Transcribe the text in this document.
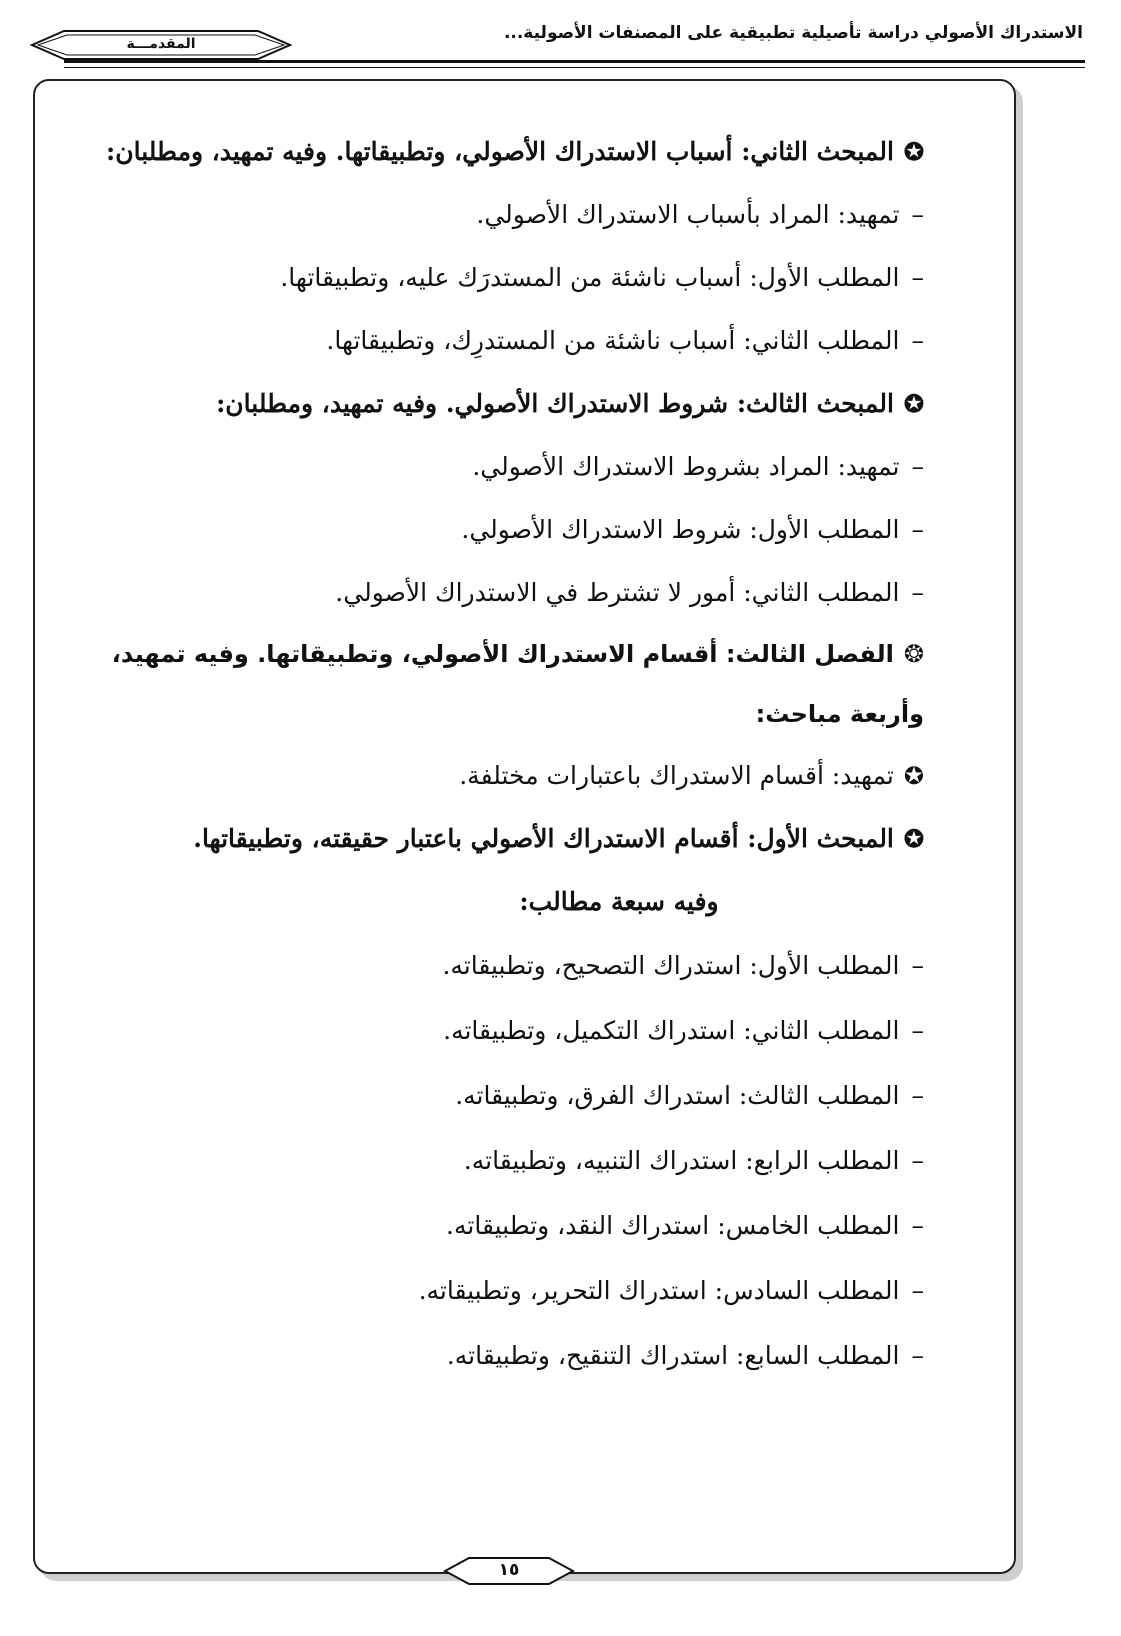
الاستدراك الأصولي دراسة تأصيلية تطبيقية على المصنفات الأصولية...
المقدمـــة
✪المبحث الثاني: أسباب الاستدراك الأصولي، وتطبيقاتها. وفيه تمهيد، ومطلبان:
–تمهيد: المراد بأسباب الاستدراك الأصولي.
–المطلب الأول: أسباب ناشئة من المستدرَك عليه، وتطبيقاتها.
–المطلب الثاني: أسباب ناشئة من المستدرِك، وتطبيقاتها.
✪المبحث الثالث: شروط الاستدراك الأصولي. وفيه تمهيد، ومطلبان:
–تمهيد: المراد بشروط الاستدراك الأصولي.
–المطلب الأول: شروط الاستدراك الأصولي.
–المطلب الثاني: أمور لا تشترط في الاستدراك الأصولي.
❂الفصل الثالث: أقسام الاستدراك الأصولي، وتطبيقاتها. وفيه تمهيد،
وأربعة مباحث:
✪تمهيد: أقسام الاستدراك باعتبارات مختلفة.
✪المبحث الأول: أقسام الاستدراك الأصولي باعتبار حقيقته، وتطبيقاتها.
وفيه سبعة مطالب:
–المطلب الأول: استدراك التصحيح، وتطبيقاته.
–المطلب الثاني: استدراك التكميل، وتطبيقاته.
–المطلب الثالث: استدراك الفرق، وتطبيقاته.
–المطلب الرابع: استدراك التنبيه، وتطبيقاته.
–المطلب الخامس: استدراك النقد، وتطبيقاته.
–المطلب السادس: استدراك التحرير، وتطبيقاته.
–المطلب السابع: استدراك التنقيح، وتطبيقاته.
١٥
